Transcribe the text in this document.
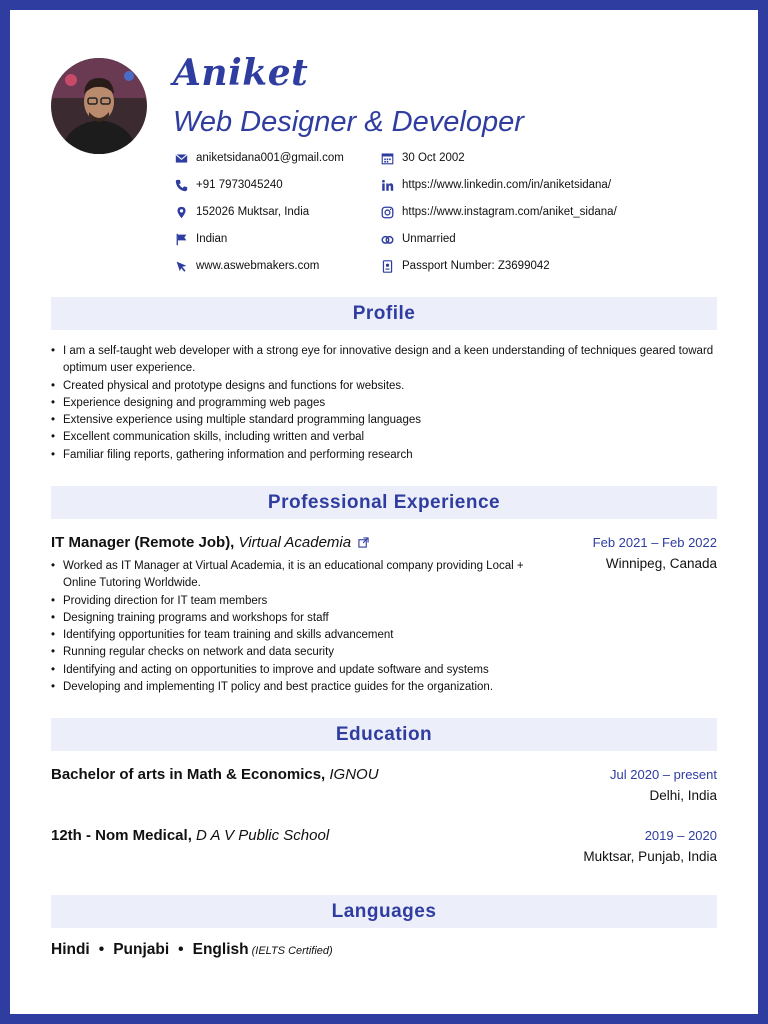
Aniket
Web Designer & Developer
aniketsidana001@gmail.com
+91 7973045240
152026 Muktsar, India
Indian
www.aswebmakers.com
30 Oct 2002
https://www.linkedin.com/in/aniketsidana/
https://www.instagram.com/aniket_sidana/
Unmarried
Passport Number: Z3699042
Profile
• I am a self-taught web developer with a strong eye for innovative design and a keen understanding of techniques geared toward optimum user experience.
• Created physical and prototype designs and functions for websites.
• Experience designing and programming web pages
• Extensive experience using multiple standard programming languages
• Excellent communication skills, including written and verbal
• Familiar filing reports, gathering information and performing research
Professional Experience
IT Manager (Remote Job), Virtual Academia	Feb 2021 – Feb 2022
Winnipeg, Canada
• Worked as IT Manager at Virtual Academia, it is an educational company providing Local + Online Tutoring Worldwide.
• Providing direction for IT team members
• Designing training programs and workshops for staff
• Identifying opportunities for team training and skills advancement
• Running regular checks on network and data security
• Identifying and acting on opportunities to improve and update software and systems
• Developing and implementing IT policy and best practice guides for the organization.
Education
Bachelor of arts in Math & Economics, IGNOU	Jul 2020 – present
Delhi, India
12th - Nom Medical, D A V Public School	2019 – 2020
Muktsar, Punjab, India
Languages
Hindi • Punjabi • English (IELTS Certified)
